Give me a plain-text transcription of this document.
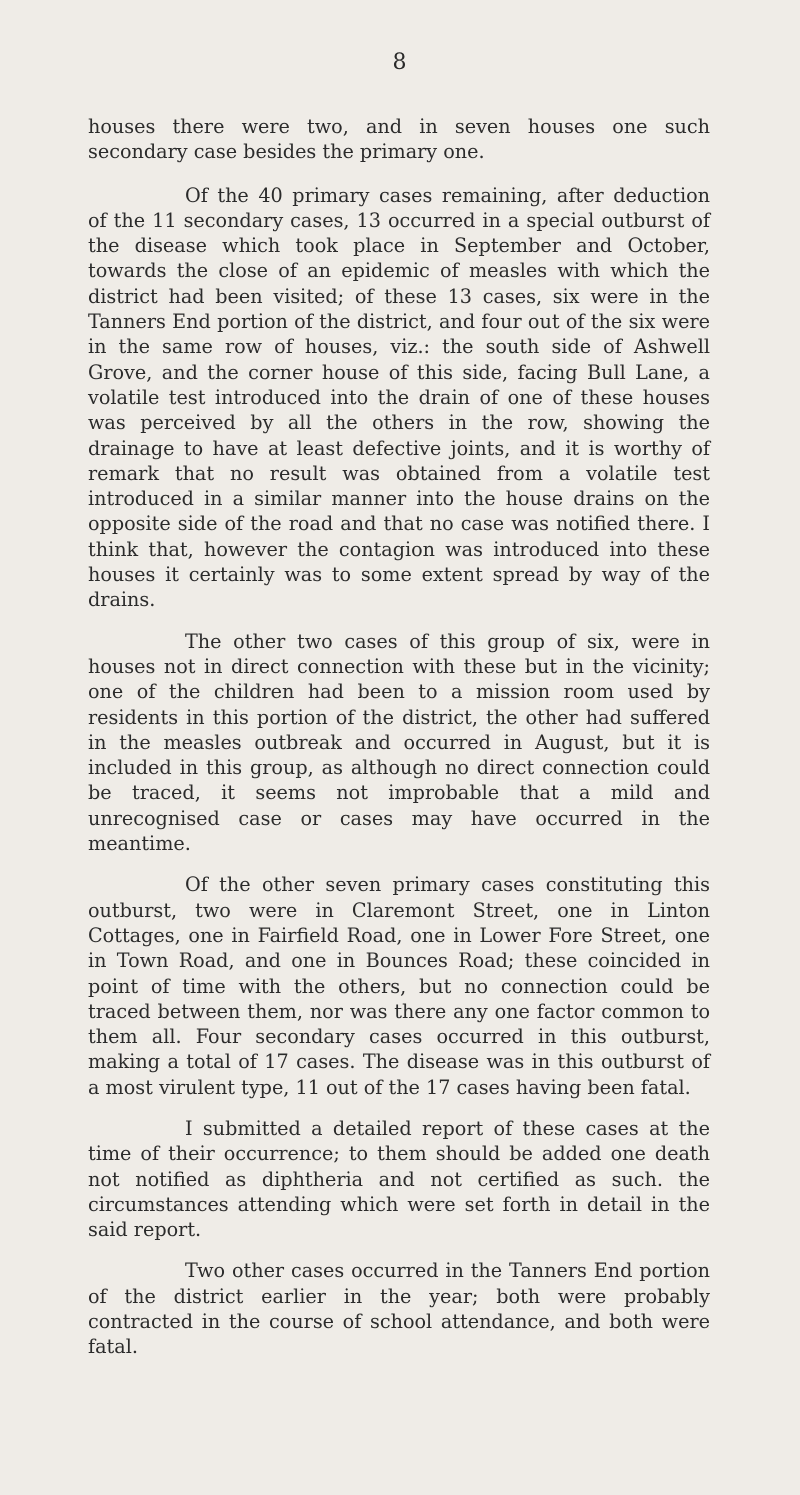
8

houses there were two, and in seven houses one such secondary case besides the primary one.

Of the 40 primary cases remaining, after deduction of the 11 secondary cases, 13 occurred in a special outburst of the disease which took place in September and October, towards the close of an epidemic of measles with which the district had been visited; of these 13 cases, six were in the Tanners End portion of the district, and four out of the six were in the same row of houses, viz.: the south side of Ashwell Grove, and the corner house of this side, facing Bull Lane, a volatile test introduced into the drain of one of these houses was perceived by all the others in the row, showing the drainage to have at least defective joints, and it is worthy of remark that no result was obtained from a volatile test introduced in a similar manner into the house drains on the opposite side of the road and that no case was notified there. I think that, however the contagion was introduced into these houses it certainly was to some extent spread by way of the drains.

The other two cases of this group of six, were in houses not in direct connection with these but in the vicinity; one of the children had been to a mission room used by residents in this portion of the district, the other had suffered in the measles outbreak and occurred in August, but it is included in this group, as although no direct connection could be traced, it seems not improbable that a mild and unrecognised case or cases may have occurred in the meantime.

Of the other seven primary cases constituting this outburst, two were in Claremont Street, one in Linton Cottages, one in Fairfield Road, one in Lower Fore Street, one in Town Road, and one in Bounces Road; these coincided in point of time with the others, but no connection could be traced between them, nor was there any one factor common to them all. Four secondary cases occurred in this outburst, making a total of 17 cases. The disease was in this outburst of a most virulent type, 11 out of the 17 cases having been fatal.

I submitted a detailed report of these cases at the time of their occurrence; to them should be added one death not notified as diphtheria and not certified as such. the circumstances attending which were set forth in detail in the said report.

Two other cases occurred in the Tanners End portion of the district earlier in the year; both were probably contracted in the course of school attendance, and both were fatal.
